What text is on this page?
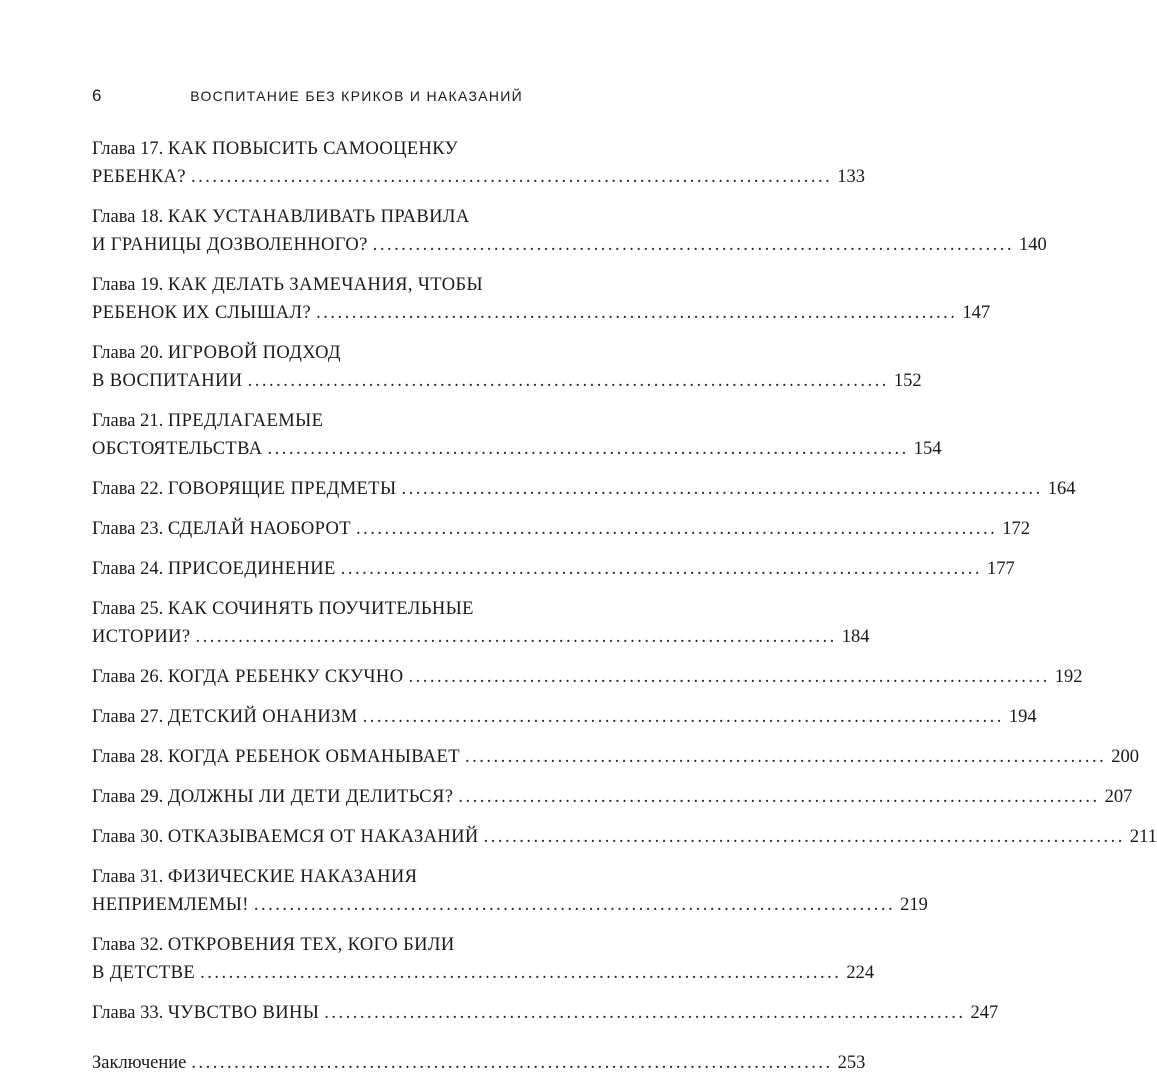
6	ВОСПИТАНИЕ БЕЗ КРИКОВ И НАКАЗАНИЙ
Глава 17. КАК ПОВЫСИТЬ САМООЦЕНКУ
РЕБЕНКА? .......................................................................................... 133
Глава 18. КАК УСТАНАВЛИВАТЬ ПРАВИЛА
И ГРАНИЦЫ ДОЗВОЛЕННОГО? .......................................................................................... 140
Глава 19. КАК ДЕЛАТЬ ЗАМЕЧАНИЯ, ЧТОБЫ
РЕБЕНОК ИХ СЛЫШАЛ? .......................................................................................... 147
Глава 20. ИГРОВОЙ ПОДХОД
В ВОСПИТАНИИ .......................................................................................... 152
Глава 21. ПРЕДЛАГАЕМЫЕ
ОБСТОЯТЕЛЬСТВА .......................................................................................... 154
Глава 22. ГОВОРЯЩИЕ ПРЕДМЕТЫ .......................................................................................... 164
Глава 23. СДЕЛАЙ НАОБОРОТ .......................................................................................... 172
Глава 24. ПРИСОЕДИНЕНИЕ .......................................................................................... 177
Глава 25. КАК СОЧИНЯТЬ ПОУЧИТЕЛЬНЫЕ
ИСТОРИИ? .......................................................................................... 184
Глава 26. КОГДА РЕБЕНКУ СКУЧНО .......................................................................................... 192
Глава 27. ДЕТСКИЙ ОНАНИЗМ .......................................................................................... 194
Глава 28. КОГДА РЕБЕНОК ОБМАНЫВАЕТ .......................................................................................... 200
Глава 29. ДОЛЖНЫ ЛИ ДЕТИ ДЕЛИТЬСЯ? .......................................................................................... 207
Глава 30. ОТКАЗЫВАЕМСЯ ОТ НАКАЗАНИЙ .......................................................................................... 211
Глава 31. ФИЗИЧЕСКИЕ НАКАЗАНИЯ
НЕПРИЕМЛЕМЫ! .......................................................................................... 219
Глава 32. ОТКРОВЕНИЯ ТЕХ, КОГО БИЛИ
В ДЕТСТВЕ .......................................................................................... 224
Глава 33. ЧУВСТВО ВИНЫ .......................................................................................... 247
Заключение .......................................................................................... 253
